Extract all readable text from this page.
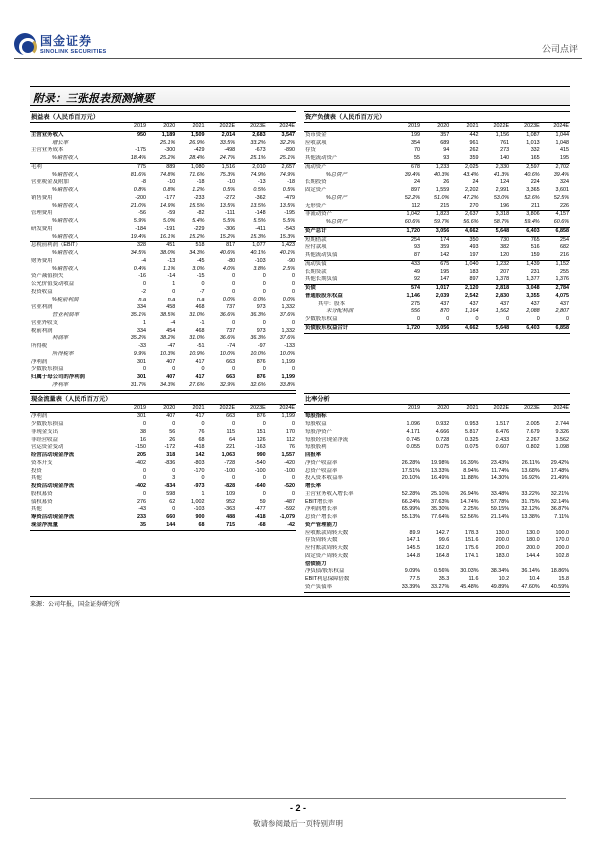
国金证券
SINOLINK SECURITIES	公司点评
附录：三张报表预测摘要
损益表（人民币百万元）
	2019	2020	2021	2022E	2023E	2024E
主营业务收入	950	1,189	1,509	2,014	2,683	3,547
增长率		25.1%	26.9%	33.5%	33.2%	32.2%
主营业务成本	-175	-300	-429	-498	-673	-890
%销售收入	18.4%	25.2%	28.4%	24.7%	25.1%	25.1%
毛利	775	889	1,080	1,516	2,010	2,657
%销售收入	81.6%	74.8%	71.6%	75.3%	74.9%	74.9%
营业税金及附加	-8	-10	-18	-10	-13	-18
%销售收入	0.8%	0.8%	1.2%	0.5%	0.5%	0.5%
销售费用	-200	-177	-233	-272	-362	-479
%销售收入	21.0%	14.9%	15.5%	13.5%	13.5%	13.5%
管理费用	-56	-59	-82	-111	-148	-195
%销售收入	5.9%	5.0%	5.4%	5.5%	5.5%	5.5%
研发费用	-184	-191	-229	-306	-411	-543
%销售收入	19.4%	16.1%	15.2%	15.2%	15.3%	15.3%
息税前利润（EBIT）	328	451	518	817	1,077	1,423
%销售收入	34.5%	38.0%	34.3%	40.6%	40.1%	40.1%
财务费用	-4	-13	-45	-80	-103	-90
%销售收入	0.4%	1.1%	3.0%	4.0%	3.8%	2.5%
资产减值损失	-16	-14	-15	0	0	0
公允价值变动收益	0	1	0	0	0	0
投资收益	-2	0	-7	0	0	0
%税前利润	n.a	n.a	n.a	0.0%	0.0%	0.0%
营业利润	334	458	468	737	973	1,332
营业利润率	35.1%	38.5%	31.0%	36.6%	36.3%	37.6%
营业外收支	1	-4	-1	0	0	0
税前利润	334	454	468	737	973	1,332
利润率	35.2%	38.2%	31.0%	36.6%	36.3%	37.6%
所得税	-33	-47	-51	-74	-97	-133
所得税率	9.9%	10.3%	10.9%	10.0%	10.0%	10.0%
净利润	301	407	417	663	876	1,199
少数股东损益	0	0	0	0	0	0
归属于母公司的净利润	301	407	417	663	876	1,199
净利率	31.7%	34.3%	27.6%	32.9%	32.6%	33.8%
资产负债表（人民币百万元）
	2019	2020	2021	2022E	2023E	2024E
货币资金	199	357	442	1,156	1,087	1,044
应收款项	354	689	961	761	1,013	1,048
存货	70	94	262	273	332	415
其他流动资产	55	93	359	140	165	195
流动资产	678	1,233	2,025	2,330	2,597	2,702
%总资产	39.4%	40.3%	43.4%	41.3%	40.6%	39.4%
长期投资	24	26	24	124	224	324
固定资产	897	1,559	2,202	2,991	3,365	3,601
%总资产	52.2%	51.0%	47.2%	53.0%	52.6%	52.5%
无形资产	112	215	270	196	211	226
非流动资产	1,042	1,823	2,637	3,318	3,806	4,157
%总资产	60.6%	59.7%	56.6%	58.7%	59.4%	60.6%
资产总计	1,720	3,056	4,662	5,648	6,403	6,858
短期借款	254	174	350	730	765	254
应付款项	93	359	493	382	516	682
其他流动负债	87	142	197	120	159	216
流动负债	433	675	1,040	1,232	1,439	1,152
长期贷款	49	195	183	207	231	255
其他长期负债	92	147	897	1,378	1,377	1,376
负债	574	1,017	2,120	2,818	3,048	2,784
普通股股东权益	1,146	2,039	2,542	2,830	3,355	4,075
其中：股本	275	437	437	437	437	437
未分配利润	556	870	1,164	1,562	2,088	2,807
少数股东权益	0	0	0	0	0	0
负债股东权益合计	1,720	3,056	4,662	5,648	6,403	6,858
现金流量表（人民币百万元）
	2019	2020	2021	2022E	2023E	2024E
净利润	301	407	417	663	876	1,199
少数股东损益	0	0	0	0	0	0
非现金支出	38	56	76	115	151	170
非经营收益	16	26	68	64	126	112
营运资金变动	-150	-172	-418	221	-163	76
经营活动现金净流	205	318	142	1,063	990	1,557
资本开支	-402	-836	-803	-728	-540	-420
投资	0	0	-170	-100	-100	-100
其他	0	3	0	0	0	0
投资活动现金净流	-402	-834	-973	-828	-640	-520
股权募资	0	598	1	109	0	0
债权募资	276	62	1,002	952	59	-487
其他	-43	0	-103	-363	-477	-592
筹资活动现金净流	233	660	900	488	-418	-1,079
现金净流量	35	144	68	715	-68	-42
比率分析
	2019	2020	2021	2022E	2023E	2024E
每股指标						
每股收益	1.096	0.932	0.953	1.517	2.005	2.744
每股净资产	4.171	4.666	5.817	6.476	7.679	9.326
每股经营现金净流	0.745	0.728	0.325	2.433	2.267	3.562
每股股利	0.055	0.075	0.075	0.607	0.802	1.098
回报率						
净资产收益率	26.28%	19.98%	16.39%	23.43%	26.11%	29.42%
总资产收益率	17.51%	13.33%	8.94%	11.74%	13.68%	17.48%
投入资本收益率	20.10%	16.49%	11.88%	14.30%	16.92%	21.49%
增长率						
主营业务收入增长率	52.28%	25.10%	26.94%	33.48%	33.22%	32.21%
EBIT增长率	66.24%	37.63%	14.74%	57.78%	31.75%	32.14%
净利润增长率	65.99%	35.30%	2.25%	59.15%	32.12%	36.87%
总资产增长率	55.13%	77.64%	52.56%	21.14%	13.38%	7.11%
资产管理能力						
应收账款周转天数	89.9	142.7	178.3	130.0	130.0	100.0
存货周转天数	147.1	99.6	151.6	200.0	180.0	170.0
应付账款周转天数	145.5	162.0	175.6	200.0	200.0	200.0
固定资产周转天数	144.8	164.8	174.1	183.0	144.4	102.8
偿债能力						
净负债/股东权益	9.09%	0.56%	30.03%	38.34%	36.14%	18.86%
EBIT利息保障倍数	77.5	35.3	11.6	10.2	10.4	15.8
资产负债率	33.39%	33.27%	45.48%	49.89%	47.60%	40.59%
来源：公司年报，国金证券研究所
- 2 -
敬请参阅最后一页特别声明
